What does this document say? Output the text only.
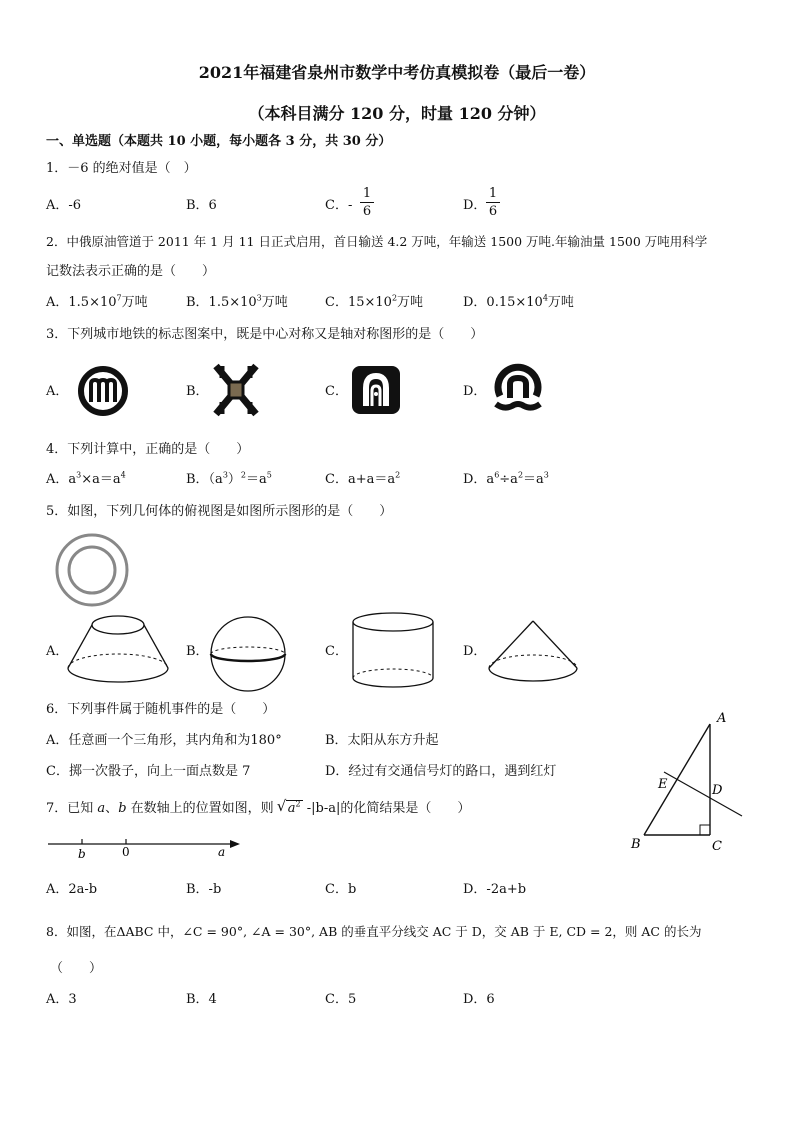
2021年福建省泉州市数学中考仿真模拟卷（最后一卷）
（本科目满分 120 分，时量 120 分钟）
一、单选题（本题共 10 小题，每小题各 3 分，共 30 分）
1．－6 的绝对值是（　）
A．-6	B．6	C．-
1
6	D．
1
6
2．中俄原油管道于 2011 年 1 月 11 日正式启用，首日输送 4.2 万吨，年输送 1500 万吨.年输油量 1500 万吨用科学
记数法表示正确的是（　　）
A．$1.5\times 10^7$万吨	B．$1.5\times 10^3$万吨	C．$15\times 10^2$万吨	D．$0.15\times 10^4$万吨
3．下列城市地铁的标志图案中，既是中心对称又是轴对称图形的是（　　）
A．	B．	C．	D．
4．下列计算中，正确的是（　　）
A．$a^3\times a=a^4$	B．$(a^3)^2=a^5$	C．$a+a=a^2$	D．$a^6\div a^2=a^3$
5．如图，下列几何体的俯视图是如图所示图形的是（　　）
A．	B．	C．	D．
6．下列事件属于随机事件的是（　　）
A．任意画一个三角形，其内角和为180°	B．太阳从东方升起
C．掷一次骰子，向上一面点数是 7	D．经过有交通信号灯的路口，遇到红灯
A
E	D
B	C
7．已知 a、b 在数轴上的位置如图，则 √ $a^2$ -|b-a|的化简结果是（　　）
b	0	a
A．2a-b	B．-b	C．b	D．-2a+b
8．如图，在ΔABC 中，∠C = 90°, ∠A = 30°, AB 的垂直平分线交 AC 于 D，交 AB 于 E, CD = 2，则 AC 的长为
（　　）
A．3	B．4	C．5	D．6
